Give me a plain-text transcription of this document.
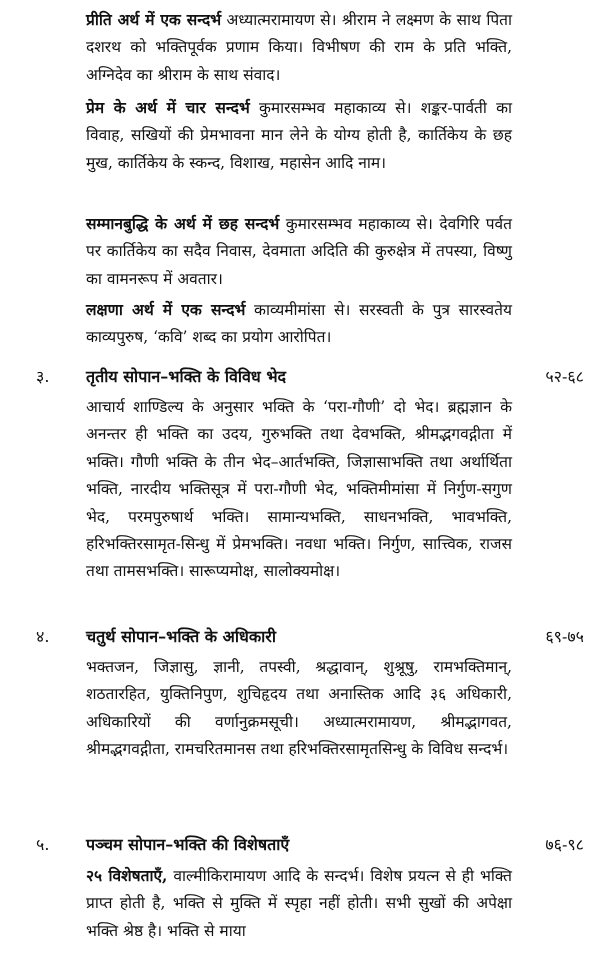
प्रीति अर्थ में एक सन्दर्भ अध्यात्मरामायण से। श्रीराम ने लक्ष्मण के साथ पिता दशरथ को भक्तिपूर्वक प्रणाम किया। विभीषण की राम के प्रति भक्ति, अग्निदेव का श्रीराम के साथ संवाद।

प्रेम के अर्थ में चार सन्दर्भ कुमारसम्भव महाकाव्य से। शङ्कर-पार्वती का विवाह, सखियों की प्रेमभावना मान लेने के योग्य होती है, कार्तिकेय के छह मुख, कार्तिकेय के स्कन्द, विशाख, महासेन आदि नाम।

सम्मानबुद्धि के अर्थ में छह सन्दर्भ कुमारसम्भव महाकाव्य से। देवगिरि पर्वत पर कार्तिकेय का सदैव निवास, देवमाता अदिति की कुरुक्षेत्र में तपस्या, विष्णु का वामनरूप में अवतार।

लक्षणा अर्थ में एक सन्दर्भ काव्यमीमांसा से। सरस्वती के पुत्र सारस्वतेय काव्यपुरुष, ‘कवि’ शब्द का प्रयोग आरोपित।

३. तृतीय सोपान–भक्ति के विविध भेद	५२-६८

आचार्य शाण्डिल्य के अनुसार भक्ति के ‘परा-गौणी’ दो भेद। ब्रह्मज्ञान के अनन्तर ही भक्ति का उदय, गुरुभक्ति तथा देवभक्ति, श्रीमद्भगवद्गीता में भक्ति। गौणी भक्ति के तीन भेद–आर्तभक्ति, जिज्ञासाभक्ति तथा अर्थार्थिता भक्ति, नारदीय भक्तिसूत्र में परा-गौणी भेद, भक्तिमीमांसा में निर्गुण-सगुण भेद, परमपुरुषार्थ भक्ति। सामान्यभक्ति, साधनभक्ति, भावभक्ति, हरिभक्तिरसामृत-सिन्धु में प्रेमभक्ति। नवधा भक्ति। निर्गुण, सात्त्विक, राजस तथा तामसभक्ति। सारूप्यमोक्ष, सालोक्यमोक्ष।

४. चतुर्थ सोपान–भक्ति के अधिकारी	६९-७५

भक्तजन, जिज्ञासु, ज्ञानी, तपस्वी, श्रद्धावान्, शुश्रूषु, रामभक्तिमान्, शठतारहित, युक्तिनिपुण, शुचिहृदय तथा अनास्तिक आदि ३६ अधिकारी, अधिकारियों की वर्णानुक्रमसूची। अध्यात्मरामायण, श्रीमद्भागवत, श्रीमद्भगवद्गीता, रामचरितमानस तथा हरिभक्तिरसामृतसिन्धु के विविध सन्दर्भ।

५. पञ्चम सोपान–भक्ति की विशेषताएँ	७६-९८

२५ विशेषताएँ, वाल्मीकिरामायण आदि के सन्दर्भ। विशेष प्रयत्न से ही भक्ति प्राप्त होती है, भक्ति से मुक्ति में स्पृहा नहीं होती। सभी सुखों की अपेक्षा भक्ति श्रेष्ठ है। भक्ति से माया
